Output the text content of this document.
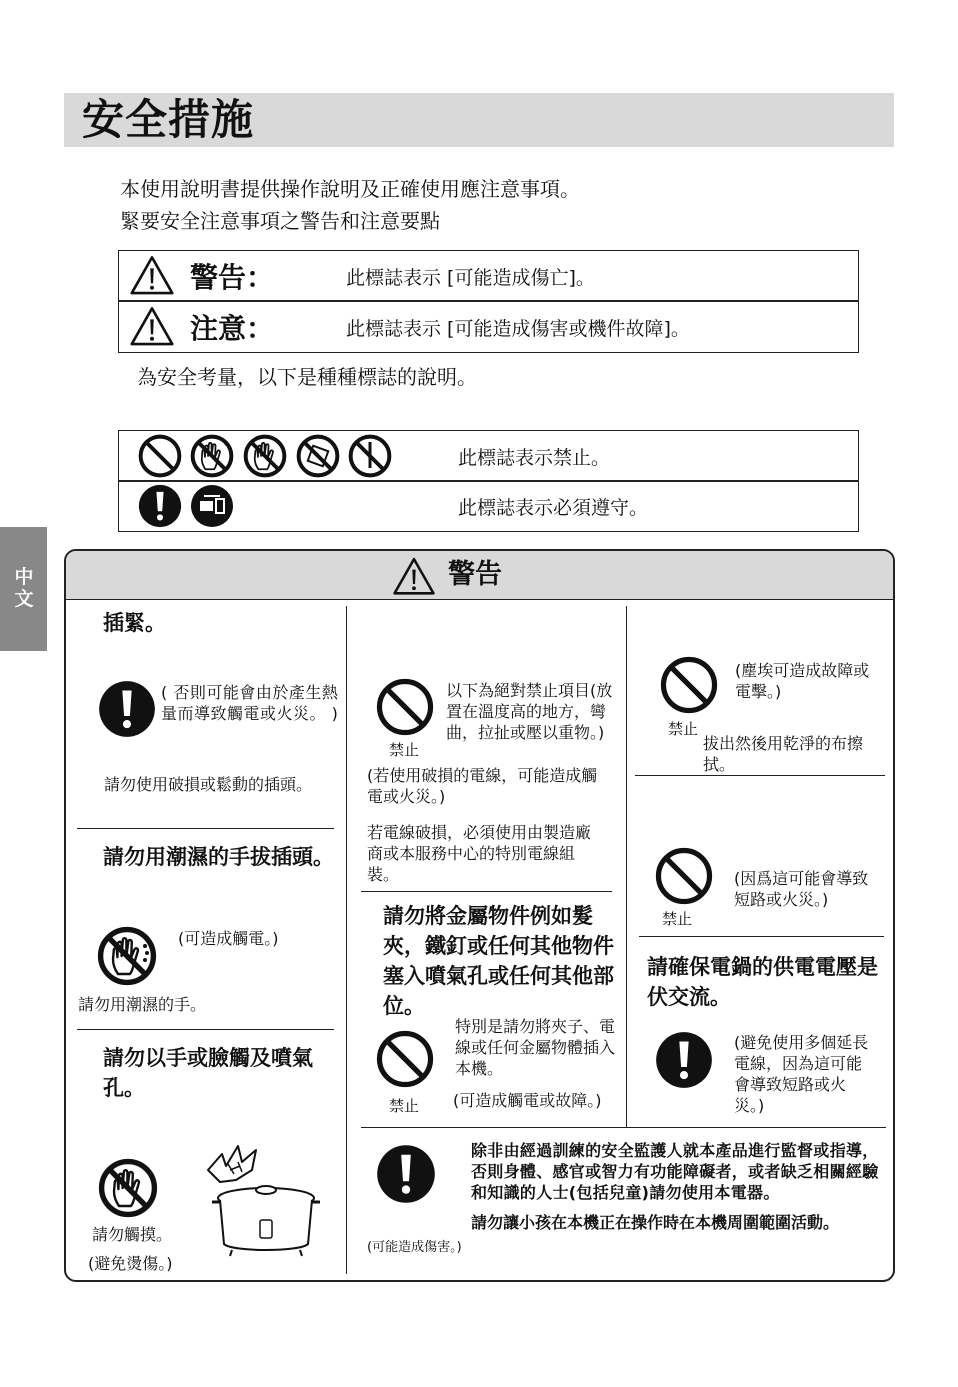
安全措施
本使用說明書提供操作說明及正確使用應注意事項。
緊要安全注意事項之警告和注意要點
警告：	此標誌表示 [可能造成傷亡]。
注意：	此標誌表示 [可能造成傷害或機件故障]。
為安全考量，以下是種種標誌的說明。
此標誌表示禁止。
此標誌表示必須遵守。
中文
警告
插緊。
( 否則可能會由於產生熱量而導致觸電或火災。 )
請勿使用破損或鬆動的插頭。
請勿用潮濕的手拔插頭。
(可造成觸電。)
請勿用潮濕的手。
請勿以手或臉觸及噴氣孔。
請勿觸摸。
(避免燙傷。)
禁止
以下為絕對禁止項目(放置在溫度高的地方，彎曲，拉扯或壓以重物。)
(若使用破損的電線，可能造成觸電或火災。)
若電線破損，必須使用由製造廠商或本服務中心的特別電線組裝。
請勿將金屬物件例如髮夾，鐵釘或任何其他物件塞入噴氣孔或任何其他部位。
禁止
特別是請勿將夾子、電線或任何金屬物體插入本機。
(可造成觸電或故障。)
禁止
(塵埃可造成故障或電擊。)
拔出然後用乾淨的布擦拭。
禁止
(因爲這可能會導致短路或火災。)
請確保電鍋的供電電壓是伏交流。
(避免使用多個延長電線，因為這可能會導致短路或火災。)
除非由經過訓練的安全監護人就本產品進行監督或指導，否則身體、感官或智力有功能障礙者，或者缺乏相關經驗和知識的人士(包括兒童)請勿使用本電器。
請勿讓小孩在本機正在操作時在本機周圍範圍活動。
(可能造成傷害。)
